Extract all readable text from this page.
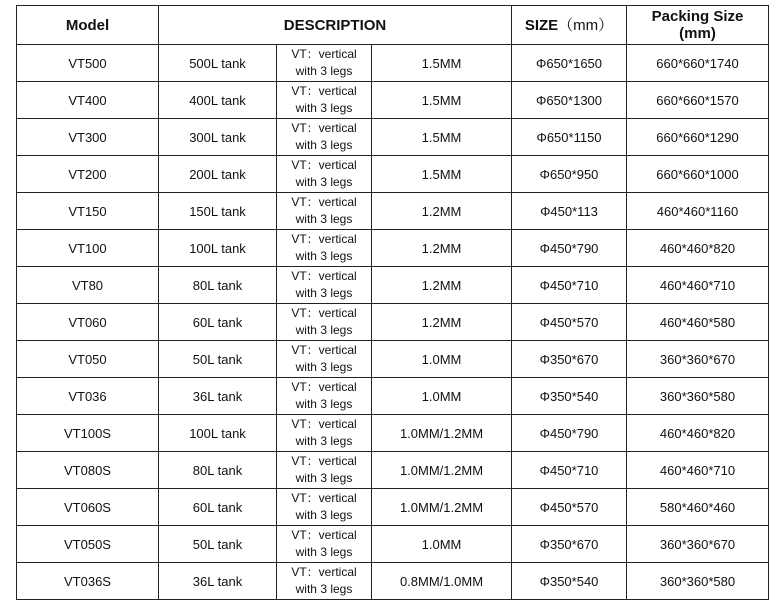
Model	DESCRIPTION			SIZE（mm）	Packing Size
(mm)

VT500	500L tank	VT：vertical
with 3 legs	1.5MM	Φ650*1650	660*660*1740
VT400	400L tank	VT：vertical
with 3 legs	1.5MM	Φ650*1300	660*660*1570
VT300	300L tank	VT：vertical
with 3 legs	1.5MM	Φ650*1150	660*660*1290
VT200	200L tank	VT：vertical
with 3 legs	1.5MM	Φ650*950	660*660*1000
VT150	150L tank	VT：vertical
with 3 legs	1.2MM	Φ450*113	460*460*1160
VT100	100L tank	VT：vertical
with 3 legs	1.2MM	Φ450*790	460*460*820
VT80	80L tank	VT：vertical
with 3 legs	1.2MM	Φ450*710	460*460*710
VT060	60L tank	VT：vertical
with 3 legs	1.2MM	Φ450*570	460*460*580
VT050	50L tank	VT：vertical
with 3 legs	1.0MM	Φ350*670	360*360*670
VT036	36L tank	VT：vertical
with 3 legs	1.0MM	Φ350*540	360*360*580
VT100S	100L tank	VT：vertical
with 3 legs	1.0MM/1.2MM	Φ450*790	460*460*820
VT080S	80L tank	VT：vertical
with 3 legs	1.0MM/1.2MM	Φ450*710	460*460*710
VT060S	60L tank	VT：vertical
with 3 legs	1.0MM/1.2MM	Φ450*570	580*460*460
VT050S	50L tank	VT：vertical
with 3 legs	1.0MM	Φ350*670	360*360*670
VT036S	36L tank	VT：vertical
with 3 legs	0.8MM/1.0MM	Φ350*540	360*360*580
